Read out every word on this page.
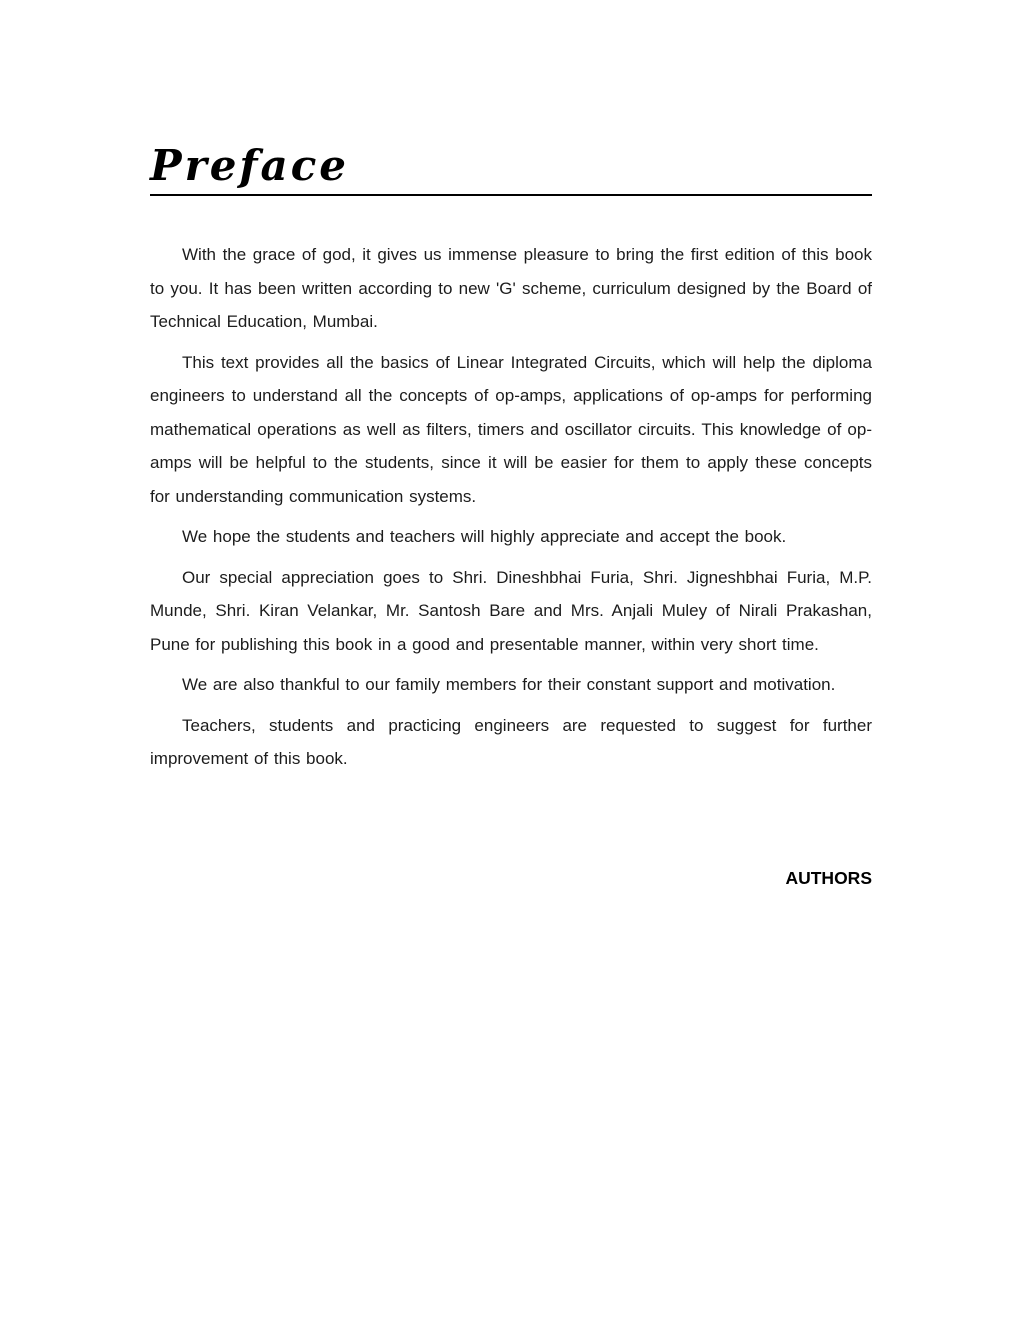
Preface

With the grace of god, it gives us immense pleasure to bring the first edition of this book to you. It has been written according to new 'G' scheme, curriculum designed by the Board of Technical Education, Mumbai.

This text provides all the basics of Linear Integrated Circuits, which will help the diploma engineers to understand all the concepts of op-amps, applications of op-amps for performing mathematical operations as well as filters, timers and oscillator circuits. This knowledge of op-amps will be helpful to the students, since it will be easier for them to apply these concepts for understanding communication systems.

We hope the students and teachers will highly appreciate and accept the book.

Our special appreciation goes to Shri. Dineshbhai Furia, Shri. Jigneshbhai Furia, M.P. Munde, Shri. Kiran Velankar, Mr. Santosh Bare and Mrs. Anjali Muley of Nirali Prakashan, Pune for publishing this book in a good and presentable manner, within very short time.

We are also thankful to our family members for their constant support and motivation.

Teachers, students and practicing engineers are requested to suggest for further improvement of this book.

AUTHORS
